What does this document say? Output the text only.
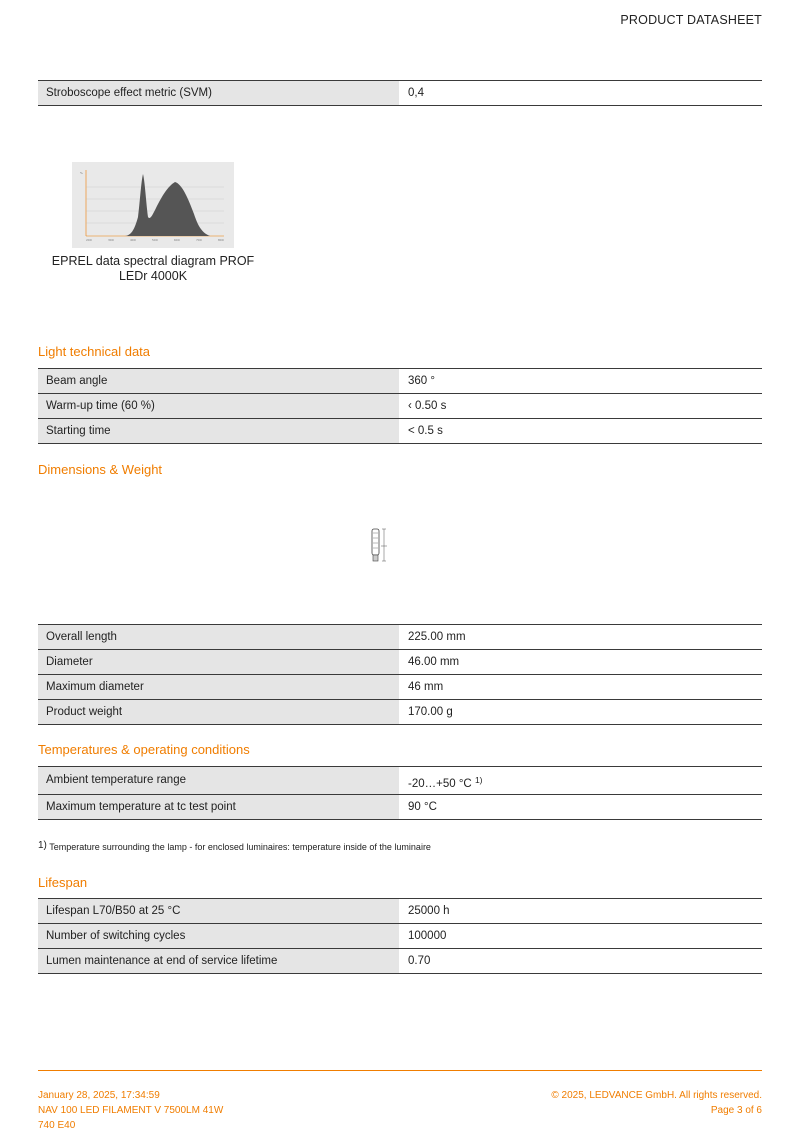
PRODUCT DATASHEET
Stroboscope effect metric (SVM)	0,4
%
200	300	400	500	600	700	800
EPREL data spectral diagram PROF
LEDr 4000K
Light technical data
Beam angle	360 °
Warm-up time (60 %)	‹ 0.50 s
Starting time	< 0.5 s
Dimensions & Weight
Overall length	225.00 mm
Diameter	46.00 mm
Maximum diameter	46 mm
Product weight	170.00 g
Temperatures & operating conditions
Ambient temperature range	-20…+50 °C $^{1)}$
Maximum temperature at tc test point	90 °C
$^{1)}$ Temperature surrounding the lamp - for enclosed luminaires: temperature inside of the luminaire
Lifespan
Lifespan L70/B50 at 25 °C	25000 h
Number of switching cycles	100000
Lumen maintenance at end of service lifetime	0.70
January 28, 2025, 17:34:59
NAV 100 LED FILAMENT V 7500LM 41W
740 E40
© 2025, LEDVANCE GmbH. All rights reserved.
Page 3 of 6
